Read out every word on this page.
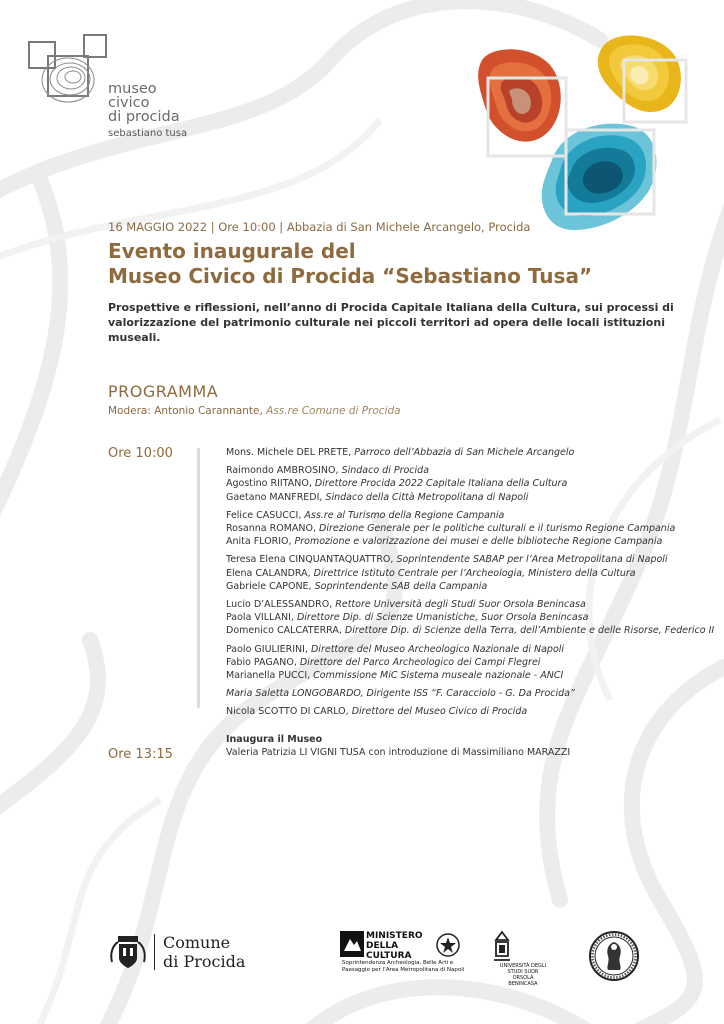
museo
civico
di procida
sebastiano tusa
16 MAGGIO 2022 | Ore 10:00 | Abbazia di San Michele Arcangelo, Procida
Evento inaugurale del
Museo Civico di Procida “Sebastiano Tusa”
Prospettive e riflessioni, nell’anno di Procida Capitale Italiana della Cultura, sui processi di valorizzazione del patrimonio culturale nei piccoli territori ad opera delle locali istituzioni museali.
PROGRAMMA
Modera: Antonio Carannante, Ass.re Comune di Procida
Ore 10:00
Ore 13:15
Mons. Michele DEL PRETE, Parroco dell’Abbazia di San Michele Arcangelo
Raimondo AMBROSINO, Sindaco di Procida
Agostino RIITANO, Direttore Procida 2022 Capitale Italiana della Cultura
Gaetano MANFREDI, Sindaco della Città Metropolitana di Napoli
Felice CASUCCI, Ass.re al Turismo della Regione Campania
Rosanna ROMANO, Direzione Generale per le politiche culturali e il turismo Regione Campania
Anita FLORIO, Promozione e valorizzazione dei musei e delle biblioteche Regione Campania
Teresa Elena CINQUANTAQUATTRO, Soprintendente SABAP per l’Area Metropolitana di Napoli
Elena CALANDRA, Direttrice Istituto Centrale per l’Archeologia, Ministero della Cultura
Gabriele CAPONE, Soprintendente SAB della Campania
Lucio D’ALESSANDRO, Rettore Università degli Studi Suor Orsola Benincasa
Paola VILLANI, Direttore Dip. di Scienze Umanistiche, Suor Orsola Benincasa
Domenico CALCATERRA, Direttore Dip. di Scienze della Terra, dell’Ambiente e delle Risorse, Federico II
Paolo GIULIERINI, Direttore del Museo Archeologico Nazionale di Napoli
Fabio PAGANO, Direttore del Parco Archeologico dei Campi Flegrei
Marianella PUCCI, Commissione MiC Sistema museale nazionale - ANCI
Maria Saletta LONGOBARDO, Dirigente ISS “F. Caracciolo - G. Da Procida”
Nicola SCOTTO DI CARLO, Direttore del Museo Civico di Procida
Inaugura il Museo
Valeria Patrizia LI VIGNI TUSA con introduzione di Massimiliano MARAZZI
Comune
di Procida
MINISTERO
DELLA
CULTURA
Soprintendenza Archeologia, Belle Arti e Paesaggio per l’Area Metropolitana di Napoli
UNIVERSITÀ DEGLI STUDI SUOR ORSOLA BENINCASA
